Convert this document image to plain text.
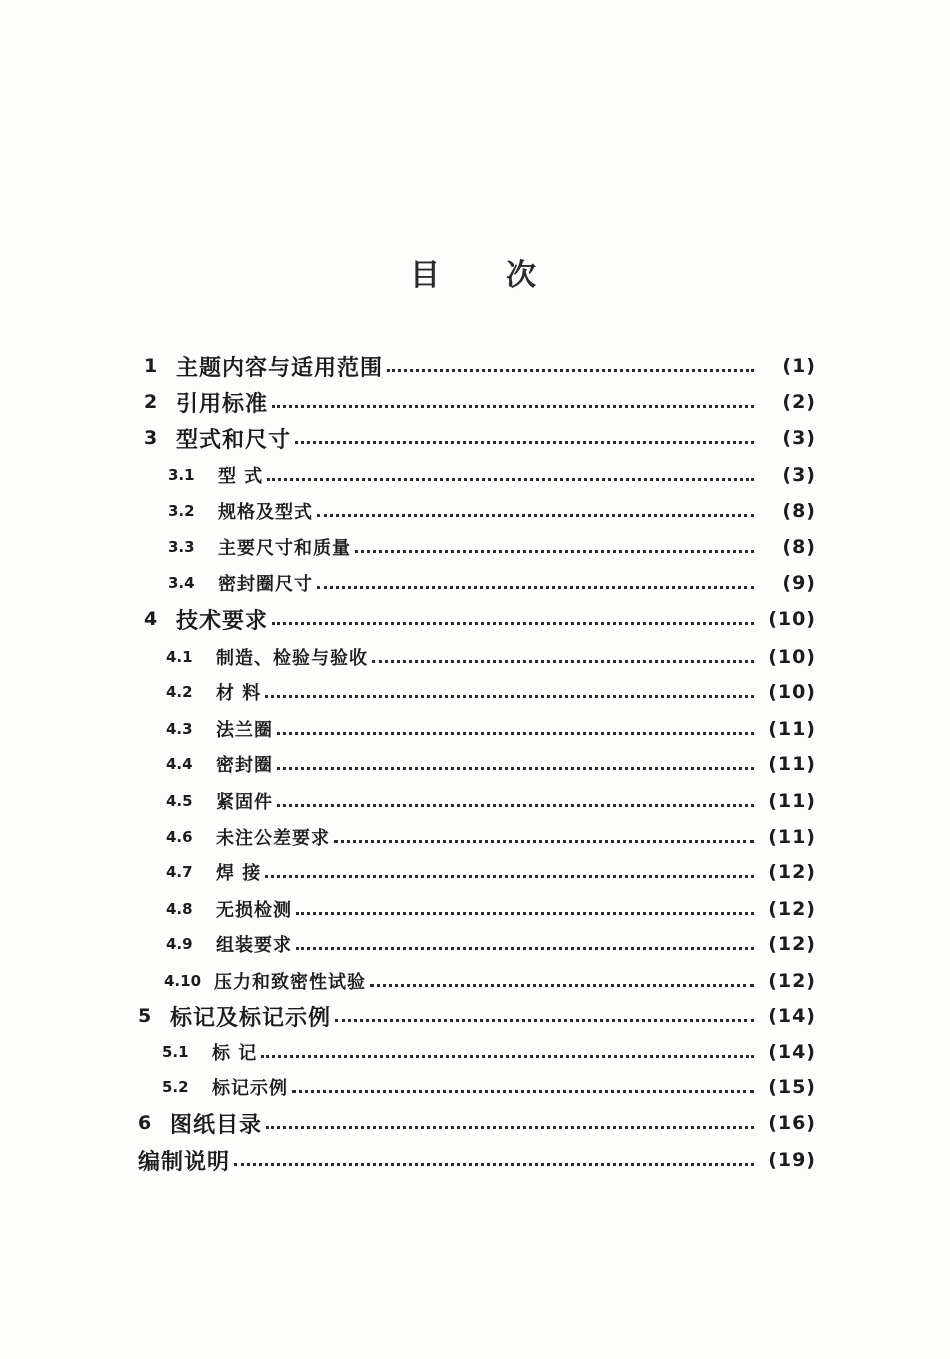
目 次
1 主题内容与适用范围	(1)
2 引用标准	(2)
3 型式和尺寸	(3)
3.1	型 式	(3)
3.2	规格及型式	(8)
3.3	主要尺寸和质量	(8)
3.4	密封圈尺寸	(9)
4 技术要求	(10)
4.1	制造、检验与验收	(10)
4.2	材 料	(10)
4.3	法兰圈	(11)
4.4	密封圈	(11)
4.5	紧固件	(11)
4.6	未注公差要求	(11)
4.7	焊 接	(12)
4.8	无损检测	(12)
4.9	组装要求	(12)
4.10 压力和致密性试验	(12)
5 标记及标记示例	(14)
5.1	标 记	(14)
5.2	标记示例	(15)
6 图纸目录	(16)
编制说明	(19)
